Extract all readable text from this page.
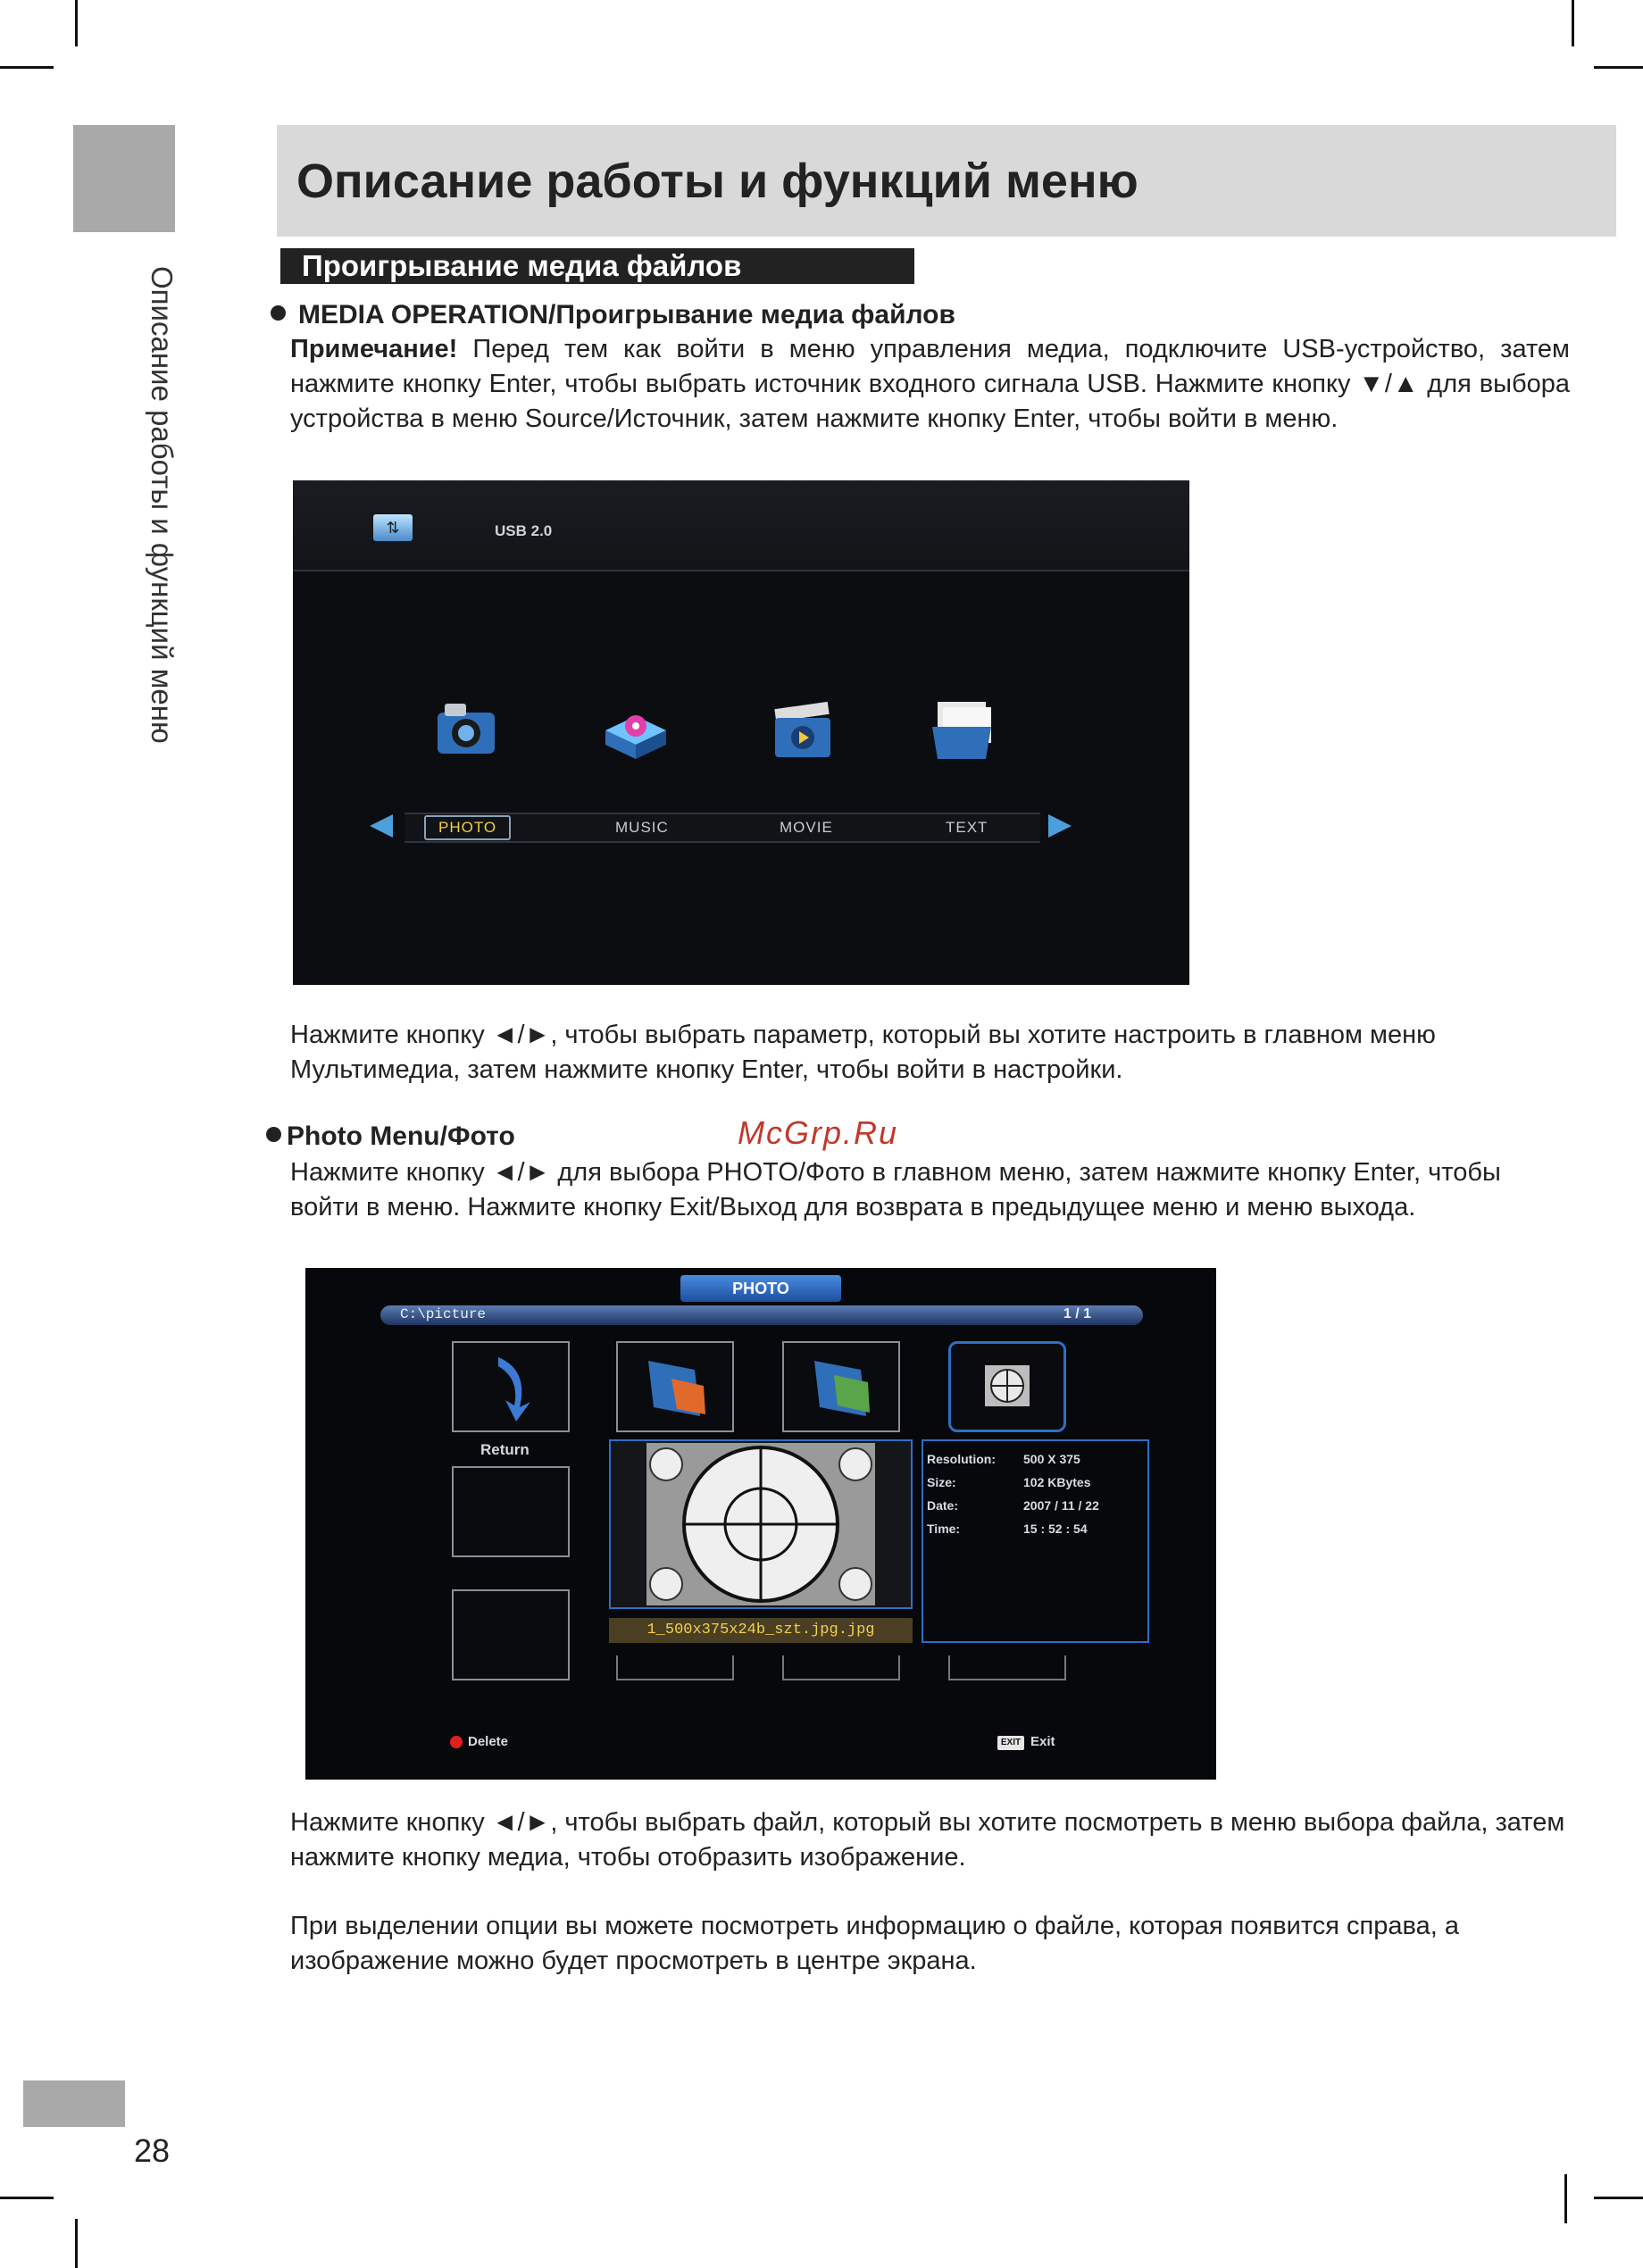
Описание работы и функций меню
Описание работы и функций меню
Проигрывание медиа файлов
MEDIA OPERATION/Проигрывание медиа файлов

Примечание! Перед тем как войти в меню управления медиа, подключите USB-устройство, затем нажмите кнопку Enter, чтобы выбрать источник входного сигнала USB. Нажмите кнопку ▼/▲ для выбора устройства в меню Source/Источник, затем нажмите кнопку Enter, чтобы войти в меню.

⇅	USB 2.0
PHOTO	MUSIC	MOVIE	TEXT

Нажмите кнопку ◄/►, чтобы выбрать параметр, который вы хотите настроить в главном меню Мультимедиа, затем нажмите кнопку Enter, чтобы войти в настройки.

Photo Menu/Фото	McGrp.Ru

Нажмите кнопку ◄/► для выбора PHOTO/Фото в главном меню, затем нажмите кнопку Enter, чтобы войти в меню. Нажмите кнопку Exit/Выход для возврата в предыдущее меню и меню выхода.

PHOTO
C:\picture	1 / 1
Return
1_500x375x24b_szt.jpg.jpg
Resolution: 500 X 375
Size:	102 KBytes
Date:	2007 / 11 / 22
Time:	15 : 52 : 54
Delete	EXIT Exit

Нажмите кнопку ◄/►, чтобы выбрать файл, который вы хотите посмотреть в меню выбора файла, затем нажмите кнопку медиа, чтобы отобразить изображение.

При выделении опции вы можете посмотреть информацию о файле, которая появится справа, а изображение можно будет просмотреть в центре экрана.

28
